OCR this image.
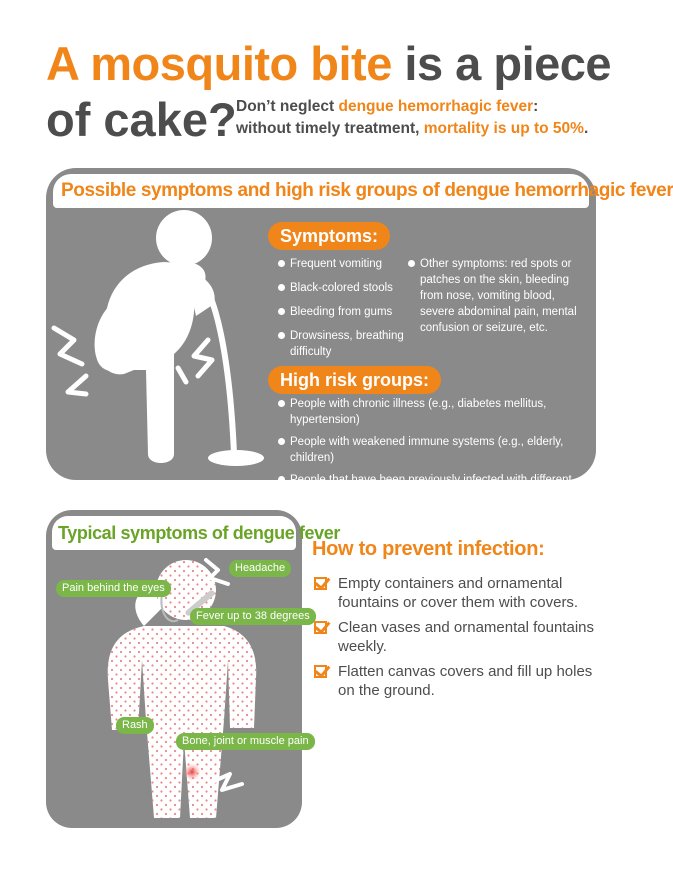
A mosquito bite is a piece
of cake? Don’t neglect dengue hemorrhagic fever:
without timely treatment, mortality is up to 50%.
Possible symptoms and high risk groups of dengue hemorrhagic fever
Symptoms:
Frequent vomiting
Black-colored stools
Bleeding from gums
Drowsiness, breathing difficulty
Other symptoms: red spots or patches on the skin, bleeding from nose, vomiting blood, severe abdominal pain, mental confusion or seizure, etc.
High risk groups:
People with chronic illness (e.g., diabetes mellitus, hypertension)
People with weakened immune systems (e.g., elderly, children)
People that have been previously infected with different types of dengue viruses
Typical symptoms of dengue fever
Headache
Pain behind the eyes
Fever up to 38 degrees
Rash
Bone, joint or muscle pain
How to prevent infection:
Empty containers and ornamental fountains or cover them with covers.
Clean vases and ornamental fountains weekly.
Flatten canvas covers and fill up holes on the ground.
